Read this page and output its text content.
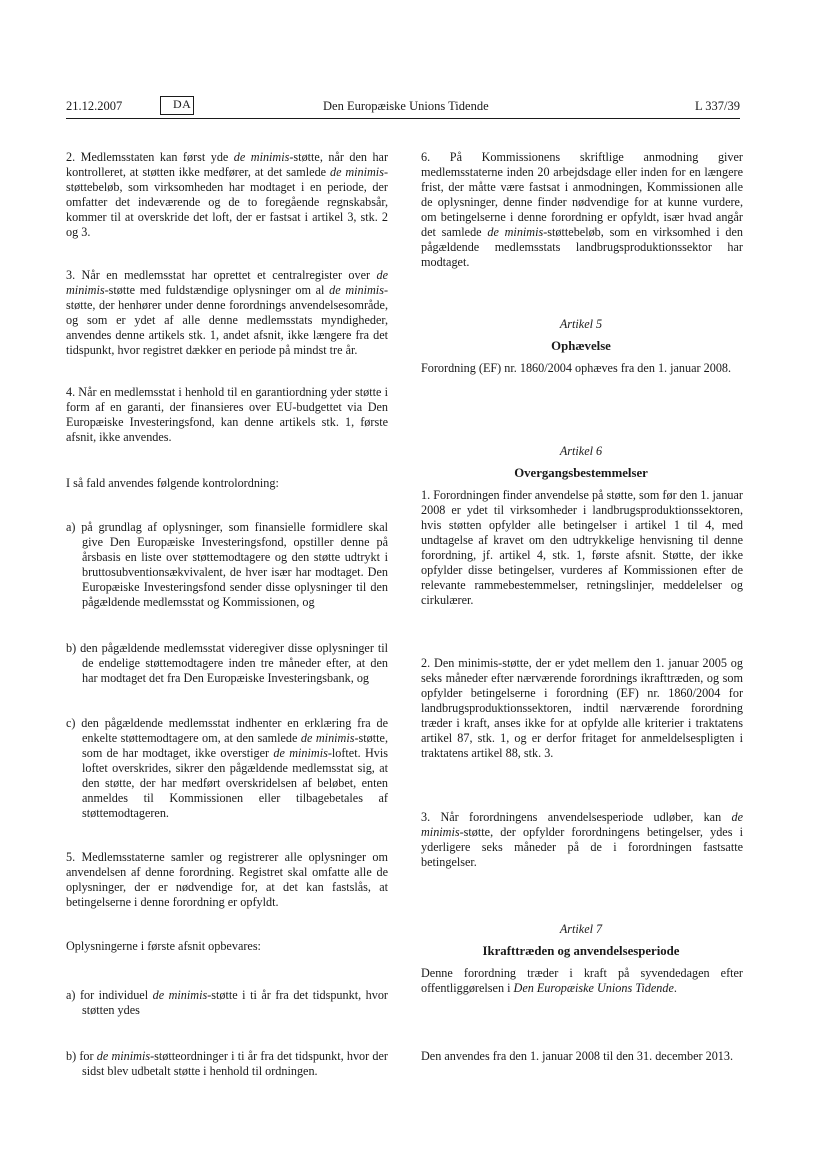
21.12.2007	DA	Den Europæiske Unions Tidende	L 337/39

2. Medlemsstaten kan først yde de minimis-støtte, når den har kontrolleret, at støtten ikke medfører, at det samlede de minimis-støttebeløb, som virksomheden har modtaget i en periode, der omfatter det indeværende og de to foregående regnskabsår, kommer til at overskride det loft, der er fastsat i artikel 3, stk. 2 og 3.

3. Når en medlemsstat har oprettet et centralregister over de minimis-støtte med fuldstændige oplysninger om al de minimis-støtte, der henhører under denne forordnings anvendelsesområde, og som er ydet af alle denne medlemsstats myndigheder, anvendes denne artikels stk. 1, andet afsnit, ikke længere fra det tidspunkt, hvor registret dækker en periode på mindst tre år.

4. Når en medlemsstat i henhold til en garantiordning yder støtte i form af en garanti, der finansieres over EU-budgettet via Den Europæiske Investeringsfond, kan denne artikels stk. 1, første afsnit, ikke anvendes.

I så fald anvendes følgende kontrolordning:

a) på grundlag af oplysninger, som finansielle formidlere skal give Den Europæiske Investeringsfond, opstiller denne på årsbasis en liste over støttemodtagere og den støtte udtrykt i bruttosubventionsækvivalent, de hver især har modtaget. Den Europæiske Investeringsfond sender disse oplysninger til den pågældende medlemsstat og Kommissionen, og

b) den pågældende medlemsstat videregiver disse oplysninger til de endelige støttemodtagere inden tre måneder efter, at den har modtaget det fra Den Europæiske Investeringsbank, og

c) den pågældende medlemsstat indhenter en erklæring fra de enkelte støttemodtagere om, at den samlede de minimis-støtte, som de har modtaget, ikke overstiger de minimis-loftet. Hvis loftet overskrides, sikrer den pågældende medlemsstat sig, at den støtte, der har medført overskridelsen af beløbet, enten anmeldes til Kommissionen eller tilbagebetales af støttemodtageren.

5. Medlemsstaterne samler og registrerer alle oplysninger om anvendelsen af denne forordning. Registret skal omfatte alle de oplysninger, der er nødvendige for, at det kan fastslås, at betingelserne i denne forordning er opfyldt.

Oplysningerne i første afsnit opbevares:

a) for individuel de minimis-støtte i ti år fra det tidspunkt, hvor støtten ydes

b) for de minimis-støtteordninger i ti år fra det tidspunkt, hvor der sidst blev udbetalt støtte i henhold til ordningen.

6. På Kommissionens skriftlige anmodning giver medlemsstaterne inden 20 arbejdsdage eller inden for en længere frist, der måtte være fastsat i anmodningen, Kommissionen alle de oplysninger, denne finder nødvendige for at kunne vurdere, om betingelserne i denne forordning er opfyldt, især hvad angår det samlede de minimis-støttebeløb, som en virksomhed i den pågældende medlemsstats landbrugsproduktionssektor har modtaget.

Artikel 5
Ophævelse

Forordning (EF) nr. 1860/2004 ophæves fra den 1. januar 2008.

Artikel 6
Overgangsbestemmelser

1. Forordningen finder anvendelse på støtte, som før den 1. januar 2008 er ydet til virksomheder i landbrugsproduktionssektoren, hvis støtten opfylder alle betingelser i artikel 1 til 4, med undtagelse af kravet om den udtrykkelige henvisning til denne forordning, jf. artikel 4, stk. 1, første afsnit. Støtte, der ikke opfylder disse betingelser, vurderes af Kommissionen efter de relevante rammebestemmelser, retningslinjer, meddelelser og cirkulærer.

2. Den minimis-støtte, der er ydet mellem den 1. januar 2005 og seks måneder efter nærværende forordnings ikrafttræden, og som opfylder betingelserne i forordning (EF) nr. 1860/2004 for landbrugsproduktionssektoren, indtil nærværende forordning træder i kraft, anses ikke for at opfylde alle kriterier i traktatens artikel 87, stk. 1, og er derfor fritaget for anmeldelsespligten i traktatens artikel 88, stk. 3.

3. Når forordningens anvendelsesperiode udløber, kan de minimis-støtte, der opfylder forordningens betingelser, ydes i yderligere seks måneder på de i forordningen fastsatte betingelser.

Artikel 7
Ikrafttræden og anvendelsesperiode

Denne forordning træder i kraft på syvendedagen efter offentliggørelsen i Den Europæiske Unions Tidende.

Den anvendes fra den 1. januar 2008 til den 31. december 2013.
